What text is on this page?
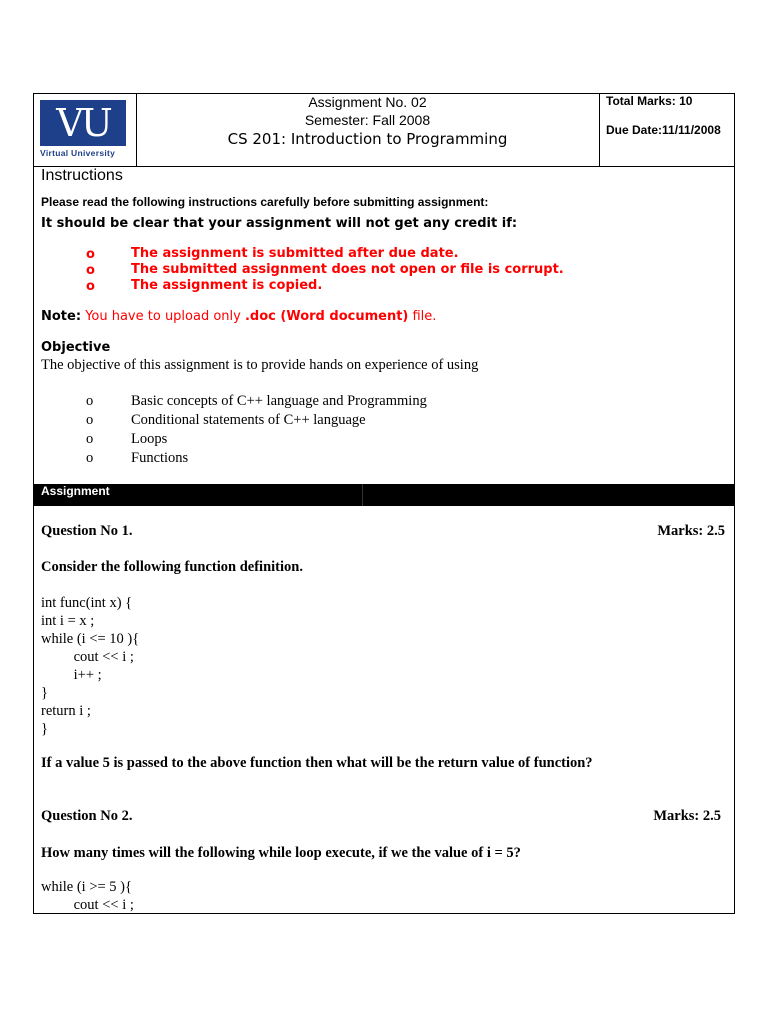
VU
Virtual University
Assignment No. 02
Semester: Fall 2008
CS 201: Introduction to Programming
Total Marks: 10
Due Date:11/11/2008
Instructions
Please read the following instructions carefully before submitting assignment:
It should be clear that your assignment will not get any credit if:
o	The assignment is submitted after due date.
o	The submitted assignment does not open or file is corrupt.
o	The assignment is copied.
Note: You have to upload only .doc (Word document) file.
Objective
The objective of this assignment is to provide hands on experience of using
o	Basic concepts of C++ language and Programming
o	Conditional statements of C++ language
o	Loops
o	Functions
Assignment
Question No 1.	Marks: 2.5
Consider the following function definition.
int func(int x) {
int i = x ;
while (i <= 10 ){
cout << i ;
i++ ;
}
return i ;
}
If a value 5 is passed to the above function then what will be the return value of function?
Question No 2.	Marks: 2.5
How many times will the following while loop execute, if we the value of i = 5?
while (i >= 5 ){
cout << i ;
